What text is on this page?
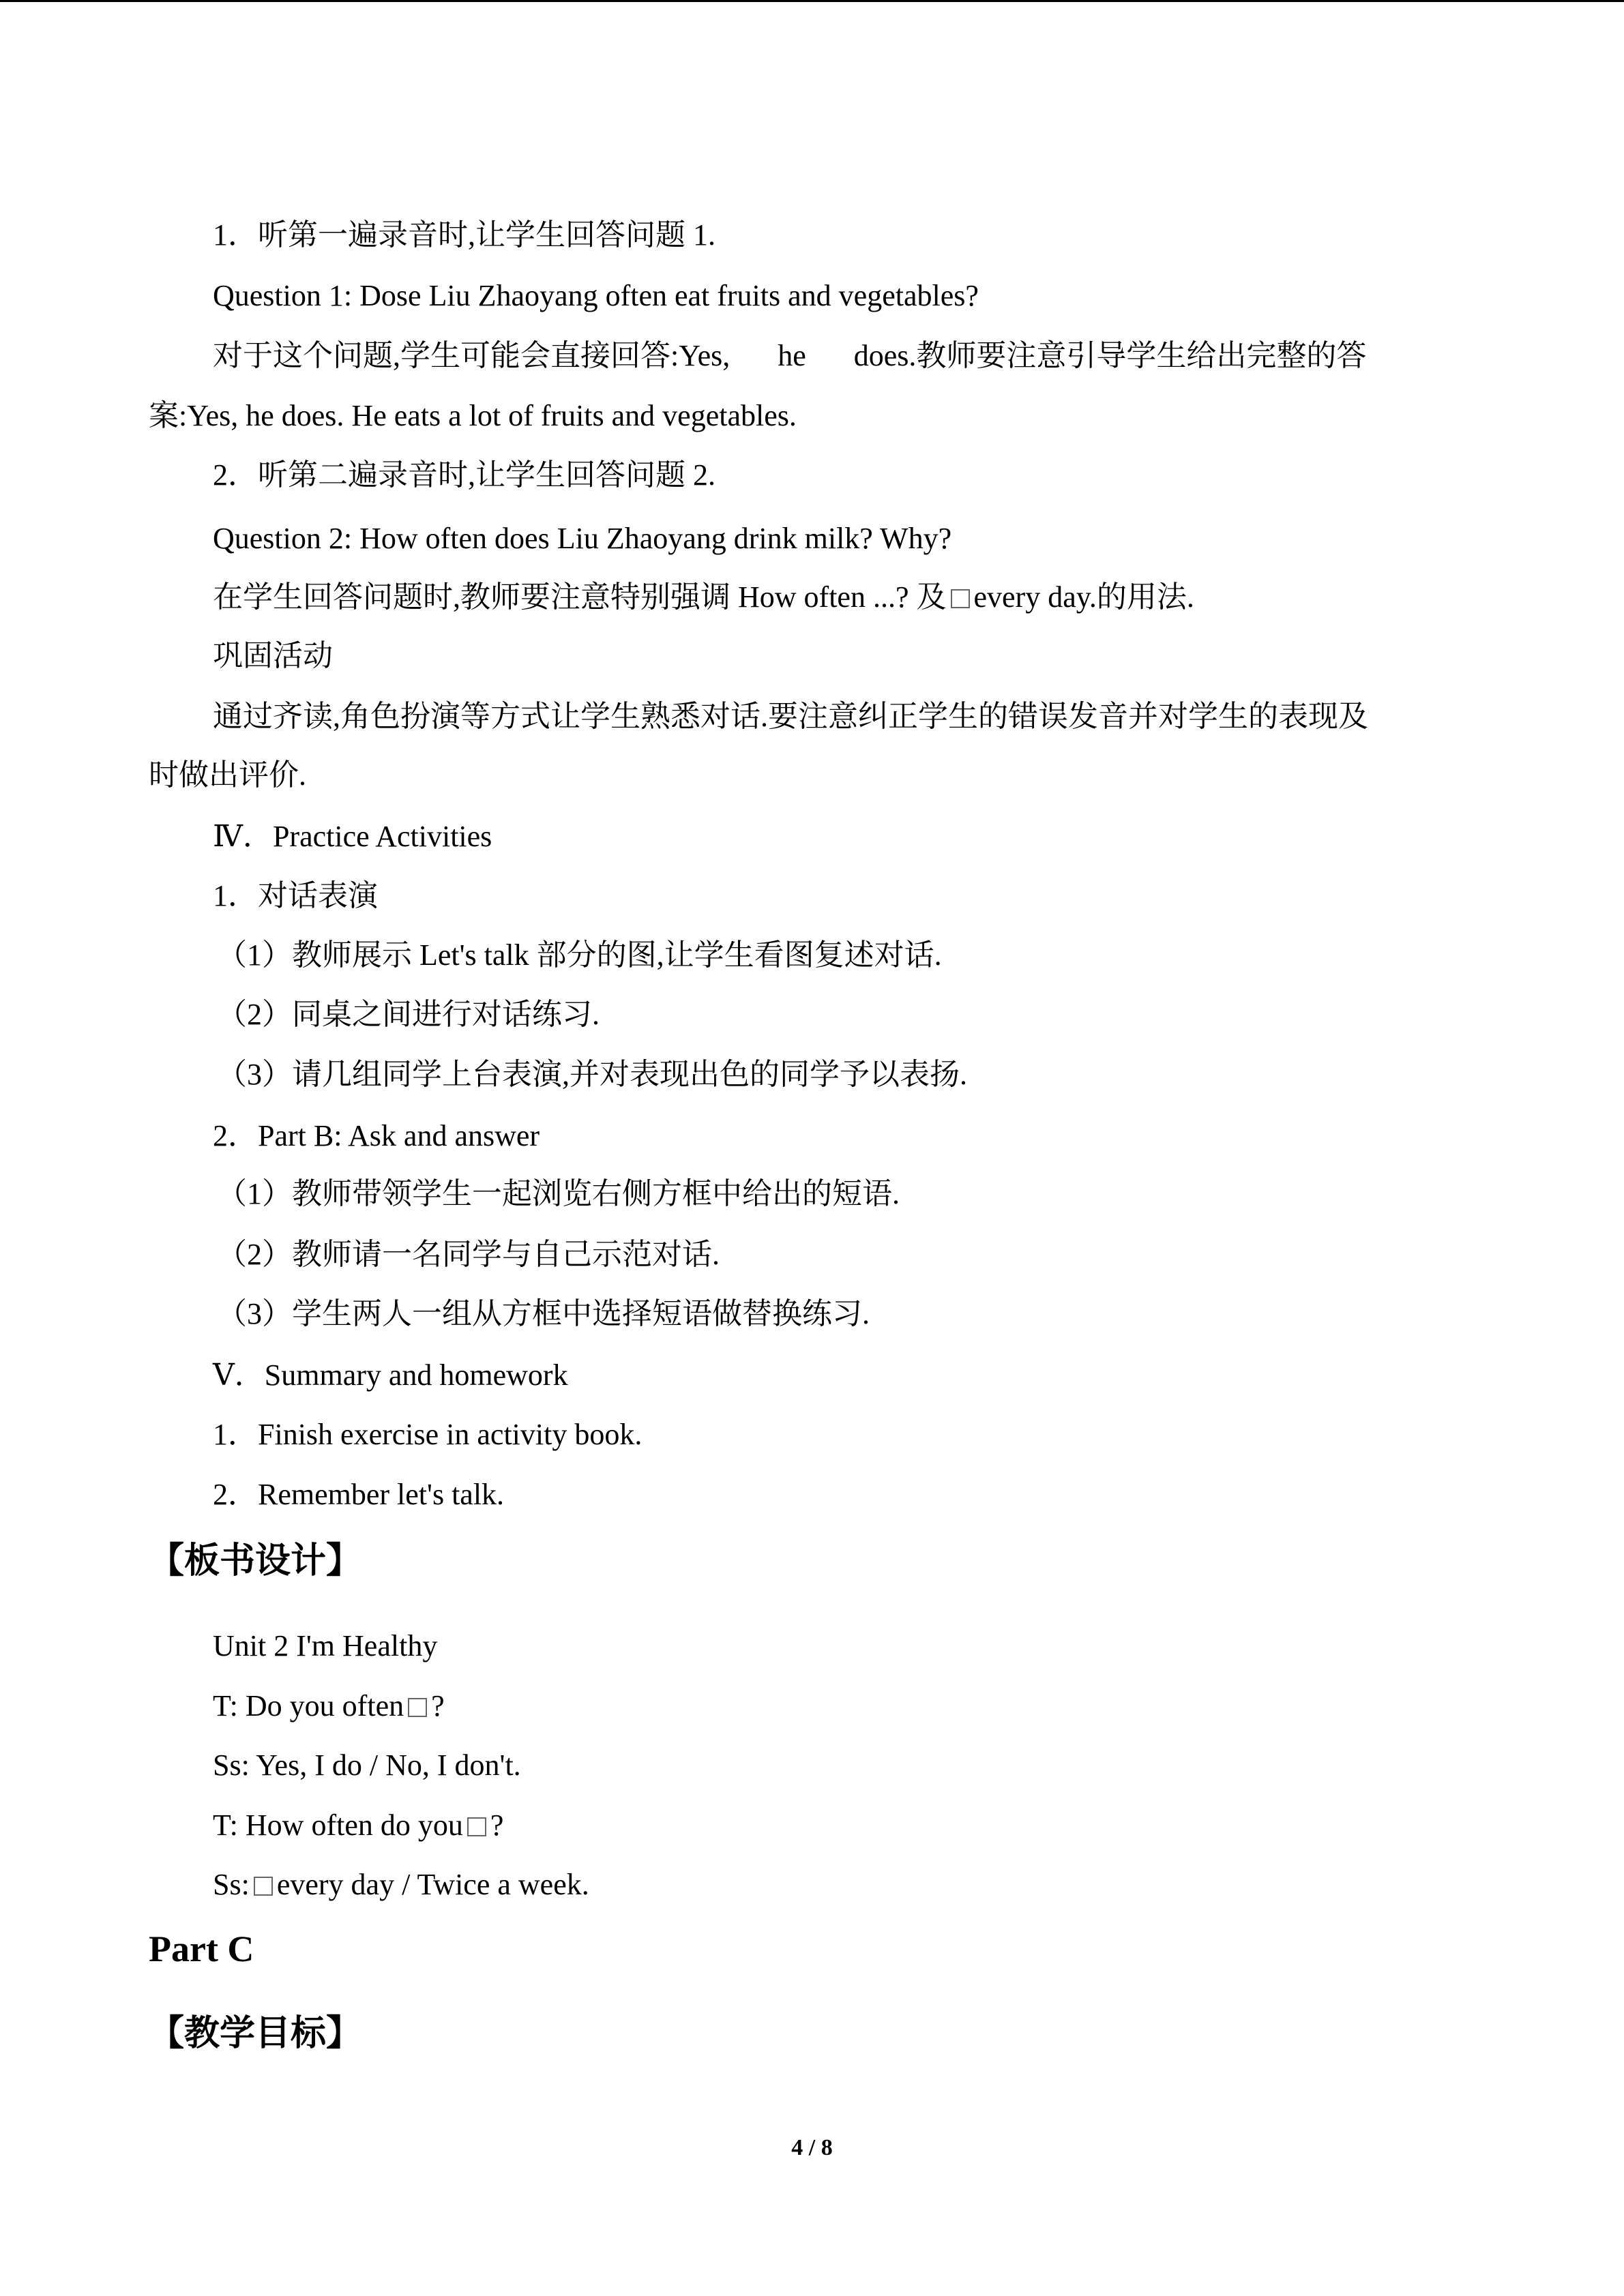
1．听第一遍录音时,让学生回答问题 1.
Question 1: Dose Liu Zhaoyang often eat fruits and vegetables?
对于这个问题,学生可能会直接回答:Yes, he does.教师要注意引导学生给出完整的答
案:Yes, he does. He eats a lot of fruits and vegetables.
2．听第二遍录音时,让学生回答问题 2.
Question 2: How often does Liu Zhaoyang drink milk? Why?
在学生回答问题时,教师要注意特别强调 How often ...? 及 every day.的用法.
巩固活动
通过齐读,角色扮演等方式让学生熟悉对话.要注意纠正学生的错误发音并对学生的表现及
时做出评价.
Ⅳ．Practice Activities
1．对话表演
（1）教师展示 Let's talk 部分的图,让学生看图复述对话.
（2）同桌之间进行对话练习.
（3）请几组同学上台表演,并对表现出色的同学予以表扬.
2．Part B: Ask and answer
（1）教师带领学生一起浏览右侧方框中给出的短语.
（2）教师请一名同学与自己示范对话.
（3）学生两人一组从方框中选择短语做替换练习.
Ⅴ．Summary and homework
1．Finish exercise in activity book.
2．Remember let's talk.
【板书设计】
Unit 2 I'm Healthy
T: Do you often ?
Ss: Yes, I do / No, I don't.
T: How often do you ?
Ss: every day / Twice a week.
Part C
【教学目标】
4 / 8
